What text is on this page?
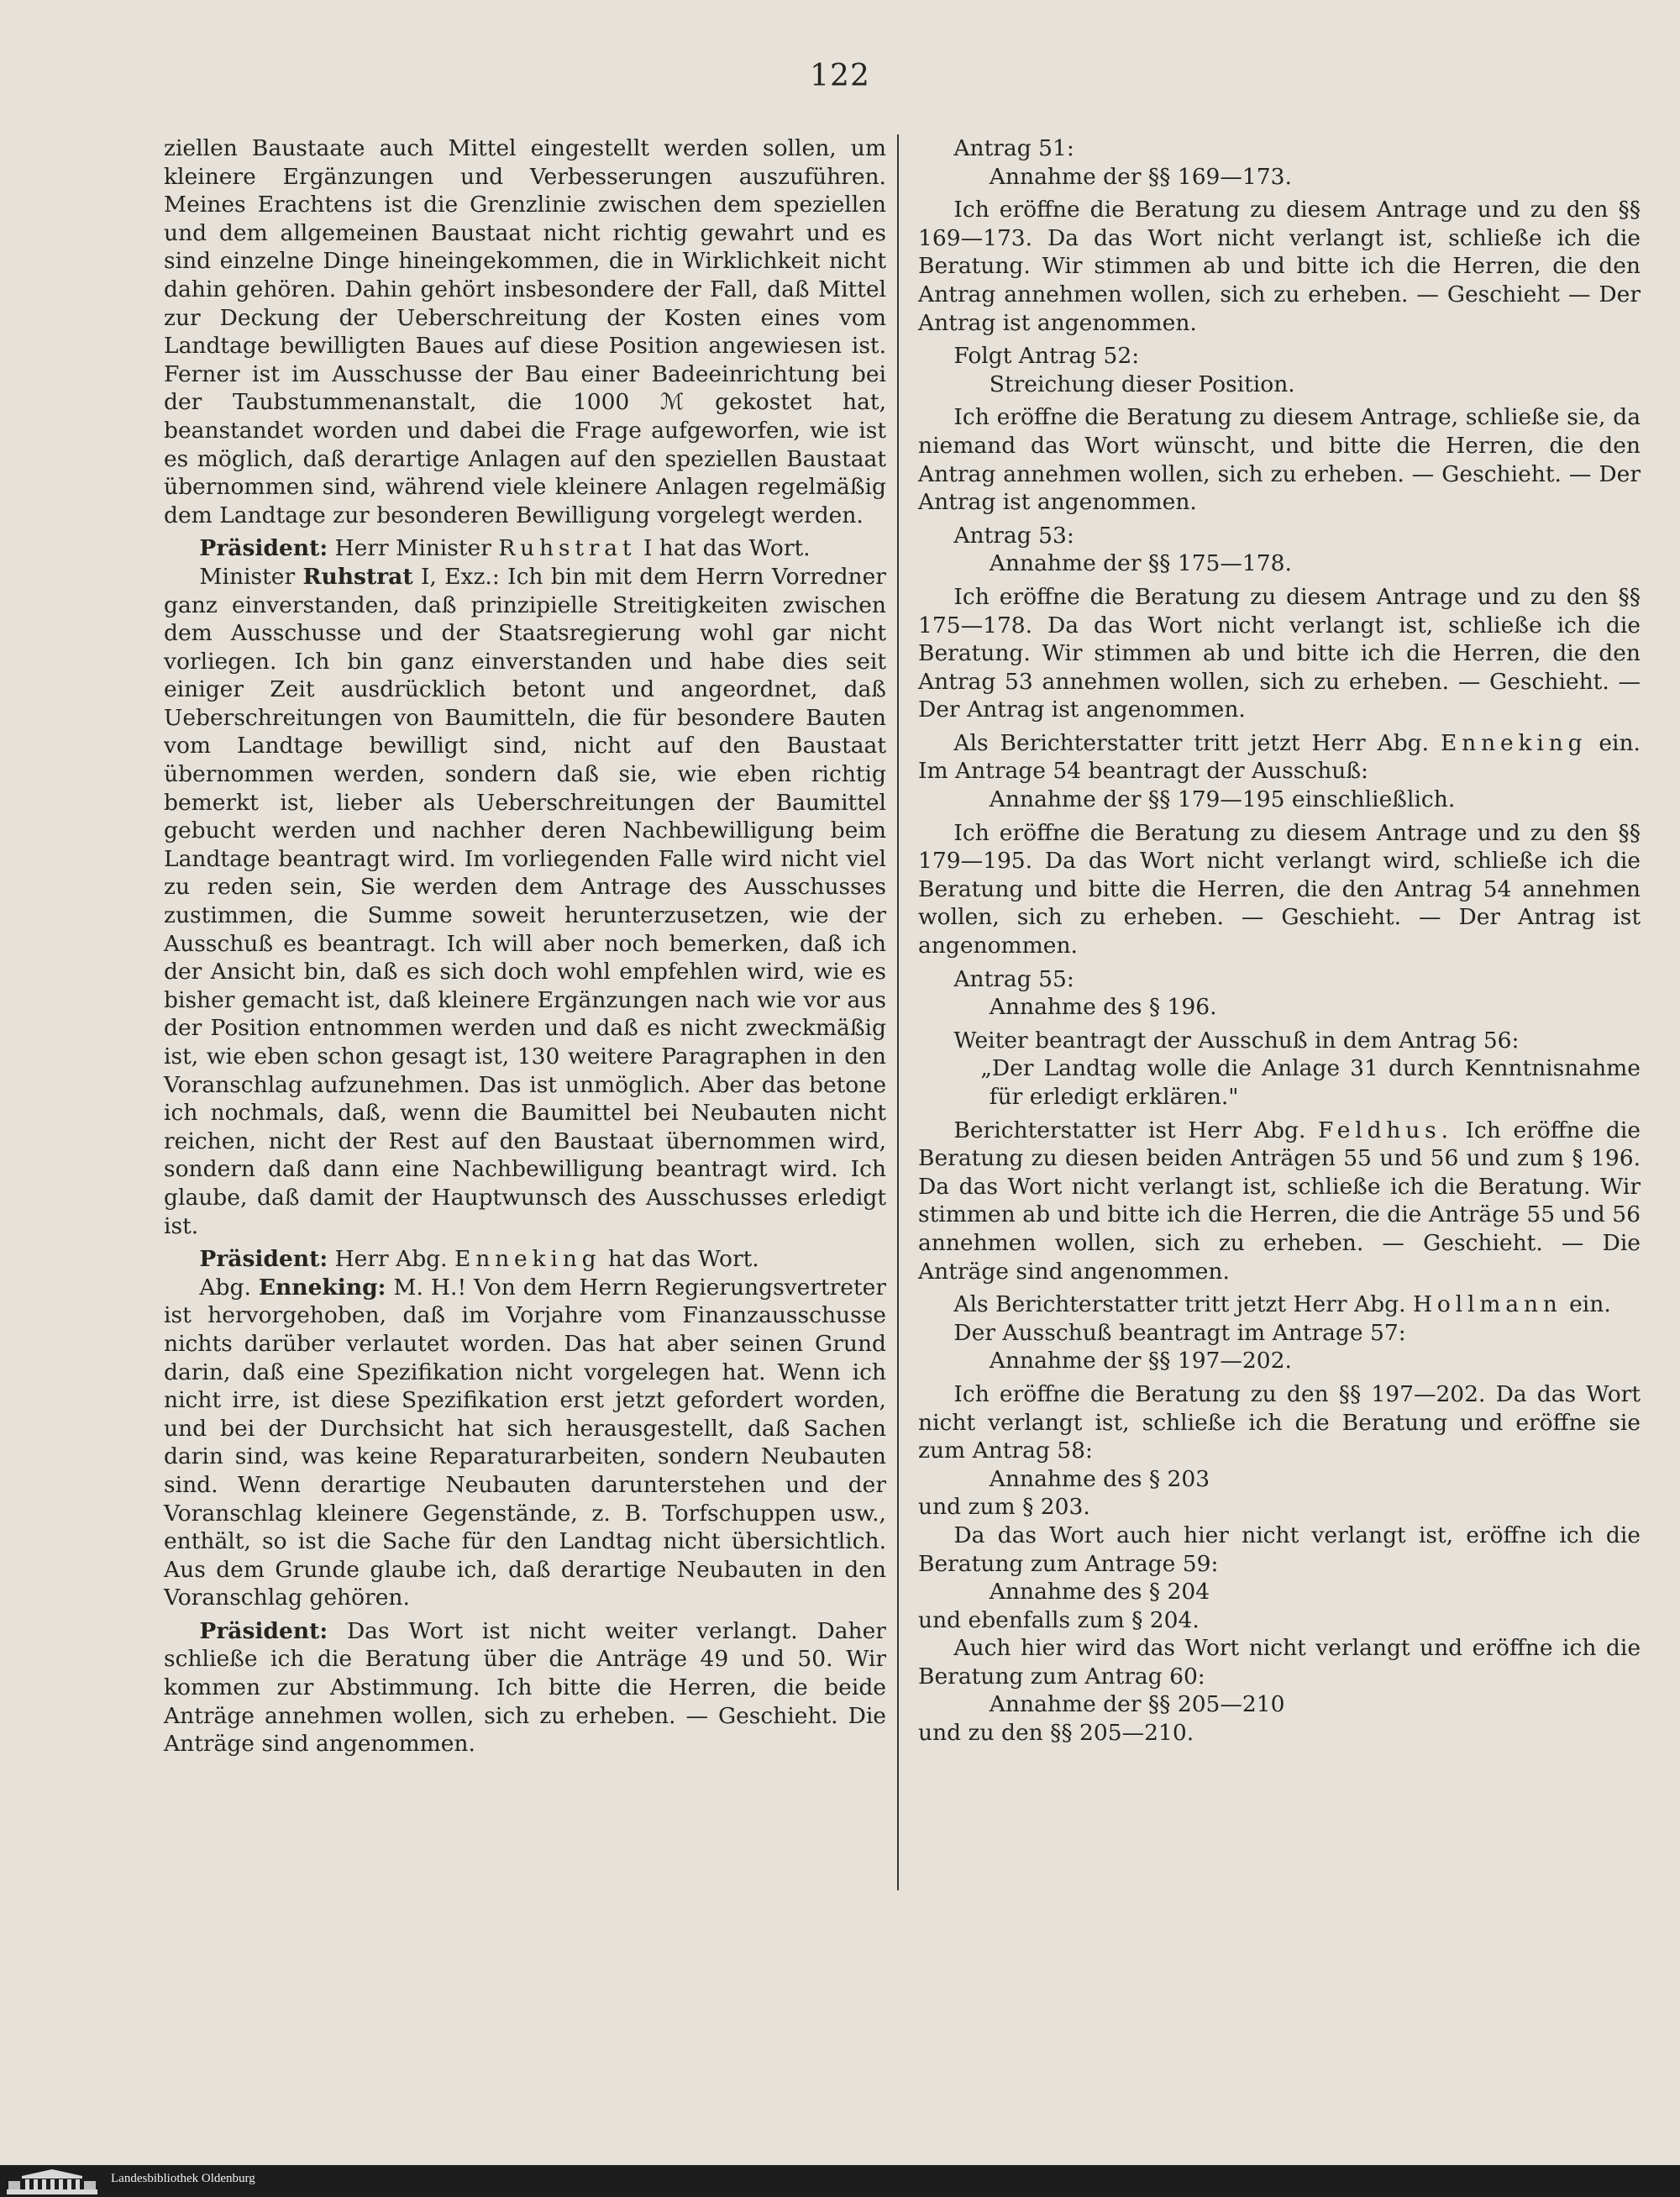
122

ziellen Baustaate auch Mittel eingestellt werden sollen, um kleinere Ergänzungen und Verbesserungen auszuführen. Meines Erachtens ist die Grenzlinie zwischen dem speziellen und dem allgemeinen Baustaat nicht richtig gewahrt und es sind einzelne Dinge hineingekommen, die in Wirklichkeit nicht dahin gehören. Dahin gehört insbesondere der Fall, daß Mittel zur Deckung der Ueberschreitung der Kosten eines vom Landtage bewilligten Baues auf diese Position angewiesen ist. Ferner ist im Ausschusse der Bau einer Badeeinrichtung bei der Taubstummenanstalt, die 1000 ℳ gekostet hat, beanstandet worden und dabei die Frage aufgeworfen, wie ist es möglich, daß derartige Anlagen auf den speziellen Baustaat übernommen sind, während viele kleinere Anlagen regelmäßig dem Landtage zur besonderen Bewilligung vorgelegt werden.

Präsident: Herr Minister Ruhstrat I hat das Wort.

Minister Ruhstrat I, Exz.: Ich bin mit dem Herrn Vorredner ganz einverstanden, daß prinzipielle Streitigkeiten zwischen dem Ausschusse und der Staatsregierung wohl gar nicht vorliegen. Ich bin ganz einverstanden und habe dies seit einiger Zeit ausdrücklich betont und angeordnet, daß Ueberschreitungen von Baumitteln, die für besondere Bauten vom Landtage bewilligt sind, nicht auf den Baustaat übernommen werden, sondern daß sie, wie eben richtig bemerkt ist, lieber als Ueberschreitungen der Baumittel gebucht werden und nachher deren Nachbewilligung beim Landtage beantragt wird. Im vorliegenden Falle wird nicht viel zu reden sein, Sie werden dem Antrage des Ausschusses zustimmen, die Summe soweit herunterzusetzen, wie der Ausschuß es beantragt. Ich will aber noch bemerken, daß ich der Ansicht bin, daß es sich doch wohl empfehlen wird, wie es bisher gemacht ist, daß kleinere Ergänzungen nach wie vor aus der Position entnommen werden und daß es nicht zweckmäßig ist, wie eben schon gesagt ist, 130 weitere Paragraphen in den Voranschlag aufzunehmen. Das ist unmöglich. Aber das betone ich nochmals, daß, wenn die Baumittel bei Neubauten nicht reichen, nicht der Rest auf den Baustaat übernommen wird, sondern daß dann eine Nachbewilligung beantragt wird. Ich glaube, daß damit der Hauptwunsch des Ausschusses erledigt ist.

Präsident: Herr Abg. Enneking hat das Wort.

Abg. Enneking: M. H.! Von dem Herrn Regierungsvertreter ist hervorgehoben, daß im Vorjahre vom Finanzausschusse nichts darüber verlautet worden. Das hat aber seinen Grund darin, daß eine Spezifikation nicht vorgelegen hat. Wenn ich nicht irre, ist diese Spezifikation erst jetzt gefordert worden, und bei der Durchsicht hat sich herausgestellt, daß Sachen darin sind, was keine Reparaturarbeiten, sondern Neubauten sind. Wenn derartige Neubauten darunterstehen und der Voranschlag kleinere Gegenstände, z. B. Torfschuppen usw., enthält, so ist die Sache für den Landtag nicht übersichtlich. Aus dem Grunde glaube ich, daß derartige Neubauten in den Voranschlag gehören.

Präsident: Das Wort ist nicht weiter verlangt. Daher schließe ich die Beratung über die Anträge 49 und 50. Wir kommen zur Abstimmung. Ich bitte die Herren, die beide Anträge annehmen wollen, sich zu erheben. — Geschieht. Die Anträge sind angenommen.

Antrag 51:

Annahme der §§ 169—173.

Ich eröffne die Beratung zu diesem Antrage und zu den §§ 169—173. Da das Wort nicht verlangt ist, schließe ich die Beratung. Wir stimmen ab und bitte ich die Herren, die den Antrag annehmen wollen, sich zu erheben. — Geschieht — Der Antrag ist angenommen.

Folgt Antrag 52:

Streichung dieser Position.

Ich eröffne die Beratung zu diesem Antrage, schließe sie, da niemand das Wort wünscht, und bitte die Herren, die den Antrag annehmen wollen, sich zu erheben. — Geschieht. — Der Antrag ist angenommen.

Antrag 53:

Annahme der §§ 175—178.

Ich eröffne die Beratung zu diesem Antrage und zu den §§ 175—178. Da das Wort nicht verlangt ist, schließe ich die Beratung. Wir stimmen ab und bitte ich die Herren, die den Antrag 53 annehmen wollen, sich zu erheben. — Geschieht. — Der Antrag ist angenommen.

Als Berichterstatter tritt jetzt Herr Abg. Enneking ein. Im Antrage 54 beantragt der Ausschuß:

Annahme der §§ 179—195 einschließlich.

Ich eröffne die Beratung zu diesem Antrage und zu den §§ 179—195. Da das Wort nicht verlangt wird, schließe ich die Beratung und bitte die Herren, die den Antrag 54 annehmen wollen, sich zu erheben. — Geschieht. — Der Antrag ist angenommen.

Antrag 55:

Annahme des § 196.

Weiter beantragt der Ausschuß in dem Antrag 56:

„Der Landtag wolle die Anlage 31 durch Kenntnisnahme für erledigt erklären."

Berichterstatter ist Herr Abg. Feldhus. Ich eröffne die Beratung zu diesen beiden Anträgen 55 und 56 und zum § 196. Da das Wort nicht verlangt ist, schließe ich die Beratung. Wir stimmen ab und bitte ich die Herren, die die Anträge 55 und 56 annehmen wollen, sich zu erheben. — Geschieht. — Die Anträge sind angenommen.

Als Berichterstatter tritt jetzt Herr Abg. Hollmann ein.

Der Ausschuß beantragt im Antrage 57:

Annahme der §§ 197—202.

Ich eröffne die Beratung zu den §§ 197—202. Da das Wort nicht verlangt ist, schließe ich die Beratung und eröffne sie zum Antrag 58:

Annahme des § 203

und zum § 203.

Da das Wort auch hier nicht verlangt ist, eröffne ich die Beratung zum Antrage 59:

Annahme des § 204

und ebenfalls zum § 204.

Auch hier wird das Wort nicht verlangt und eröffne ich die Beratung zum Antrag 60:

Annahme der §§ 205—210

und zu den §§ 205—210.

Landesbibliothek Oldenburg
